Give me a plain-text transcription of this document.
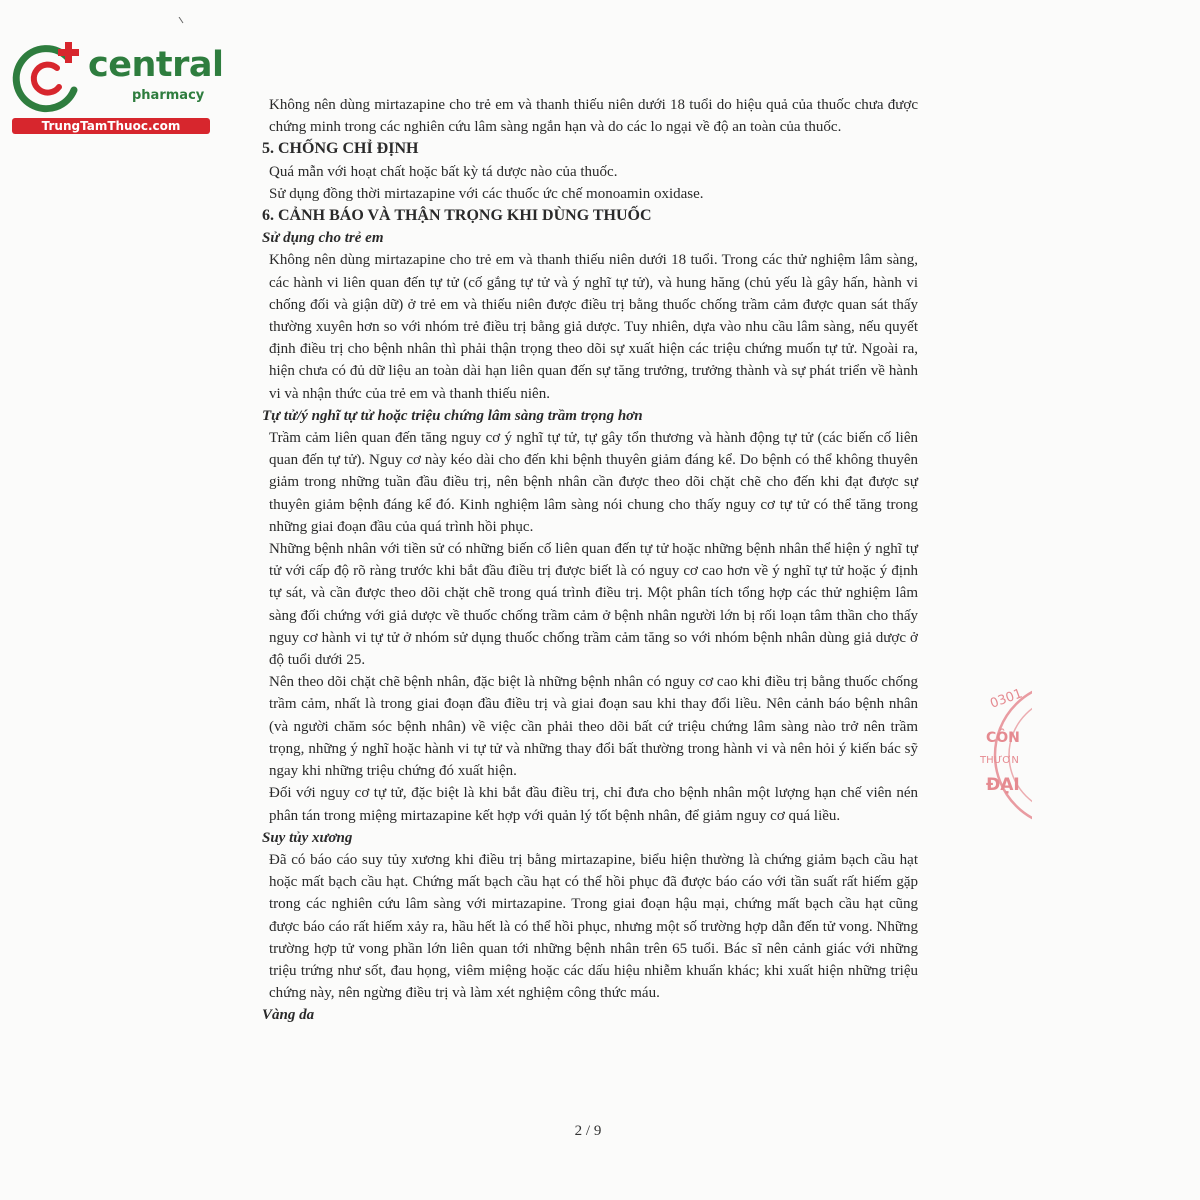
central
pharmacy
TrungTamThuoc.com

Không nên dùng mirtazapine cho trẻ em và thanh thiếu niên dưới 18 tuổi do hiệu quả của thuốc chưa được chứng minh trong các nghiên cứu lâm sàng ngắn hạn và do các lo ngại về độ an toàn của thuốc.

5. CHỐNG CHỈ ĐỊNH

Quá mẫn với hoạt chất hoặc bất kỳ tá dược nào của thuốc.

Sử dụng đồng thời mirtazapine với các thuốc ức chế monoamin oxidase.

6. CẢNH BÁO VÀ THẬN TRỌNG KHI DÙNG THUỐC

Sử dụng cho trẻ em

Không nên dùng mirtazapine cho trẻ em và thanh thiếu niên dưới 18 tuổi. Trong các thử nghiệm lâm sàng, các hành vi liên quan đến tự tử (cố gắng tự tử và ý nghĩ tự tử), và hung hăng (chủ yếu là gây hấn, hành vi chống đối và giận dữ) ở trẻ em và thiếu niên được điều trị bằng thuốc chống trầm cảm được quan sát thấy thường xuyên hơn so với nhóm trẻ điều trị bằng giả dược. Tuy nhiên, dựa vào nhu cầu lâm sàng, nếu quyết định điều trị cho bệnh nhân thì phải thận trọng theo dõi sự xuất hiện các triệu chứng muốn tự tử. Ngoài ra, hiện chưa có đủ dữ liệu an toàn dài hạn liên quan đến sự tăng trưởng, trưởng thành và sự phát triển về hành vi và nhận thức của trẻ em và thanh thiếu niên.

Tự tử/ý nghĩ tự tử hoặc triệu chứng lâm sàng trầm trọng hơn

Trầm cảm liên quan đến tăng nguy cơ ý nghĩ tự tử, tự gây tổn thương và hành động tự tử (các biến cố liên quan đến tự tử). Nguy cơ này kéo dài cho đến khi bệnh thuyên giảm đáng kể. Do bệnh có thể không thuyên giảm trong những tuần đầu điều trị, nên bệnh nhân cần được theo dõi chặt chẽ cho đến khi đạt được sự thuyên giảm bệnh đáng kể đó. Kinh nghiệm lâm sàng nói chung cho thấy nguy cơ tự tử có thể tăng trong những giai đoạn đầu của quá trình hồi phục.

Những bệnh nhân với tiền sử có những biến cố liên quan đến tự tử hoặc những bệnh nhân thể hiện ý nghĩ tự tử với cấp độ rõ ràng trước khi bắt đầu điều trị được biết là có nguy cơ cao hơn về ý nghĩ tự tử hoặc ý định tự sát, và cần được theo dõi chặt chẽ trong quá trình điều trị. Một phân tích tổng hợp các thử nghiệm lâm sàng đối chứng với giả dược về thuốc chống trầm cảm ở bệnh nhân người lớn bị rối loạn tâm thần cho thấy nguy cơ hành vi tự tử ở nhóm sử dụng thuốc chống trầm cảm tăng so với nhóm bệnh nhân dùng giả dược ở độ tuổi dưới 25.

Nên theo dõi chặt chẽ bệnh nhân, đặc biệt là những bệnh nhân có nguy cơ cao khi điều trị bằng thuốc chống trầm cảm, nhất là trong giai đoạn đầu điều trị và giai đoạn sau khi thay đổi liều. Nên cảnh báo bệnh nhân (và người chăm sóc bệnh nhân) về việc cần phải theo dõi bất cứ triệu chứng lâm sàng nào trở nên trầm trọng, những ý nghĩ hoặc hành vi tự tử và những thay đổi bất thường trong hành vi và nên hỏi ý kiến bác sỹ ngay khi những triệu chứng đó xuất hiện.

Đối với nguy cơ tự tử, đặc biệt là khi bắt đầu điều trị, chỉ đưa cho bệnh nhân một lượng hạn chế viên nén phân tán trong miệng mirtazapine kết hợp với quản lý tốt bệnh nhân, để giảm nguy cơ quá liều.

Suy tủy xương

Đã có báo cáo suy tủy xương khi điều trị bằng mirtazapine, biểu hiện thường là chứng giảm bạch cầu hạt hoặc mất bạch cầu hạt. Chứng mất bạch cầu hạt có thể hồi phục đã được báo cáo với tần suất rất hiếm gặp trong các nghiên cứu lâm sàng với mirtazapine. Trong giai đoạn hậu mại, chứng mất bạch cầu hạt cũng được báo cáo rất hiếm xảy ra, hầu hết là có thể hồi phục, nhưng một số trường hợp dẫn đến tử vong. Những trường hợp tử vong phần lớn liên quan tới những bệnh nhân trên 65 tuổi. Bác sĩ nên cảnh giác với những triệu trứng như sốt, đau họng, viêm miệng hoặc các dấu hiệu nhiễm khuẩn khác; khi xuất hiện những triệu chứng này, nên ngừng điều trị và làm xét nghiệm công thức máu.

Vàng da

2 / 9
0301
CÔN
THƯƠN
ĐẠI
